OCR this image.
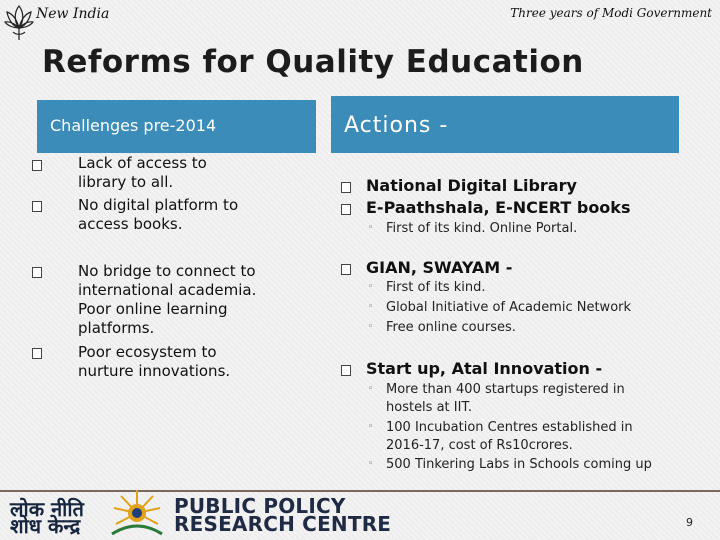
New India	Three years of Modi Government
Reforms for Quality Education
Challenges pre-2014
Lack of access to
library to all.
No digital platform to
access books.
No bridge to connect to
international academia.
Poor online learning
platforms.
Poor ecosystem to
nurture innovations.
Actions -
National Digital Library
E-Paathshala, E-NCERT books
◦ First of its kind. Online Portal.
GIAN, SWAYAM -
◦ First of its kind.
◦ Global Initiative of Academic Network
◦ Free online courses.
Start up, Atal Innovation -
◦ More than 400 startups registered in
hostels at IIT.
◦ 100 Incubation Centres established in
2016-17, cost of Rs10crores.
◦ 500 Tinkering Labs in Schools coming up
लोक नीति
शोध केन्द्र
PUBLIC POLICY
RESEARCH CENTRE	9
